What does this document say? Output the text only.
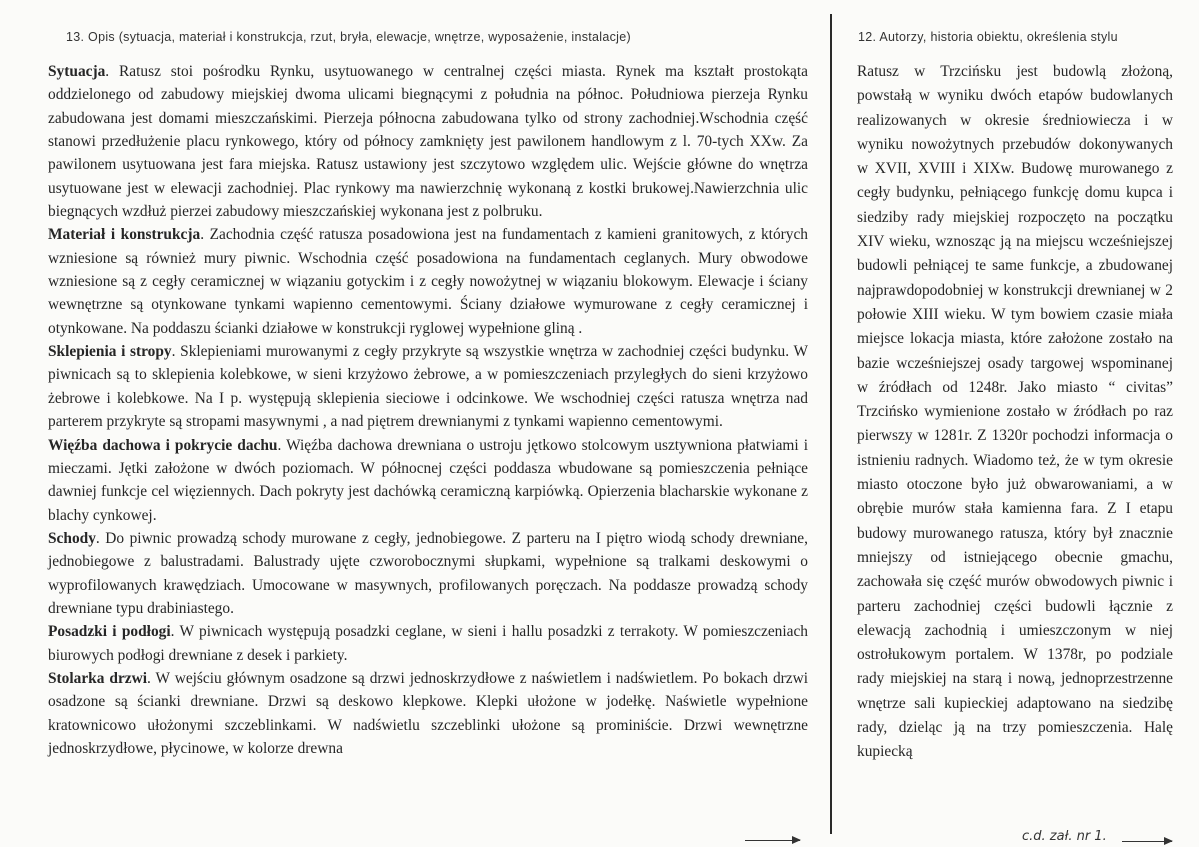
13. Opis (sytuacja, materiał i konstrukcja, rzut, bryła, elewacje, wnętrze, wyposażenie, instalacje)	12. Autorzy, historia obiektu, określenia stylu

Sytuacja. Ratusz stoi pośrodku Rynku, usytuowanego w centralnej części miasta. Rynek ma kształt prostokąta oddzielonego od zabudowy miejskiej dwoma ulicami biegnącymi z południa na północ. Południowa pierzeja Rynku zabudowana jest domami mieszczańskimi. Pierzeja północna zabudowana tylko od strony zachodniej.Wschodnia część stanowi przedłużenie placu rynkowego, który od północy zamknięty jest pawilonem handlowym z l. 70-tych XXw. Za pawilonem usytuowana jest fara miejska. Ratusz ustawiony jest szczytowo względem ulic. Wejście główne do wnętrza usytuowane jest w elewacji zachodniej. Plac rynkowy ma nawierzchnię wykonaną z kostki brukowej.Nawierzchnia ulic biegnących wzdłuż pierzei zabudowy mieszczańskiej wykonana jest z polbruku.

Materiał i konstrukcja. Zachodnia część ratusza posadowiona jest na fundamentach z kamieni granitowych, z których wzniesione są również mury piwnic. Wschodnia część posadowiona na fundamentach ceglanych. Mury obwodowe wzniesione są z cegły ceramicznej w wiązaniu gotyckim i z cegły nowożytnej w wiązaniu blokowym. Elewacje i ściany wewnętrzne są otynkowane tynkami wapienno cementowymi. Ściany działowe wymurowane z cegły ceramicznej i otynkowane. Na poddaszu ścianki działowe w konstrukcji ryglowej wypełnione gliną .

Sklepienia i stropy. Sklepieniami murowanymi z cegły przykryte są wszystkie wnętrza w zachodniej części budynku. W piwnicach są to sklepienia kolebkowe, w sieni krzyżowo żebrowe, a w pomieszczeniach przyległych do sieni krzyżowo żebrowe i kolebkowe. Na I p. występują sklepienia sieciowe i odcinkowe. We wschodniej części ratusza wnętrza nad parterem przykryte są stropami masywnymi , a nad piętrem drewnianymi z tynkami wapienno cementowymi.

Więźba dachowa i pokrycie dachu. Więźba dachowa drewniana o ustroju jętkowo stolcowym usztywniona płatwiami i mieczami. Jętki założone w dwóch poziomach. W północnej części poddasza wbudowane są pomieszczenia pełniące dawniej funkcje cel więziennych. Dach pokryty jest dachówką ceramiczną karpiówką. Opierzenia blacharskie wykonane z blachy cynkowej.

Schody. Do piwnic prowadzą schody murowane z cegły, jednobiegowe. Z parteru na I piętro wiodą schody drewniane, jednobiegowe z balustradami. Balustrady ujęte czworobocznymi słupkami, wypełnione są tralkami deskowymi o wyprofilowanych krawędziach. Umocowane w masywnych, profilowanych poręczach. Na poddasze prowadzą schody drewniane typu drabiniastego.

Posadzki i podłogi. W piwnicach występują posadzki ceglane, w sieni i hallu posadzki z terrakoty. W pomieszczeniach biurowych podłogi drewniane z desek i parkiety.

Stolarka drzwi. W wejściu głównym osadzone są drzwi jednoskrzydłowe z naświetlem i nadświetlem. Po bokach drzwi osadzone są ścianki drewniane. Drzwi są deskowo klepkowe. Klepki ułożone w jodełkę. Naświetle wypełnione kratownicowo ułożonymi szczeblinkami. W nadświetlu szczeblinki ułożone są prominiście. Drzwi wewnętrzne jednoskrzydłowe, płycinowe, w kolorze drewna

Ratusz w Trzcińsku jest budowlą złożoną, powstałą w wyniku dwóch etapów budowlanych realizowanych w okresie średniowiecza i w wyniku nowożytnych przebudów dokonywanych w XVII, XVIII i XIXw. Budowę murowanego z cegły budynku, pełniącego funkcję domu kupca i siedziby rady miejskiej rozpoczęto na początku XIV wieku, wznosząc ją na miejscu wcześniejszej budowli pełniącej te same funkcje, a zbudowanej najprawdopodobniej w konstrukcji drewnianej w 2 połowie XIII wieku. W tym bowiem czasie miała miejsce lokacja miasta, które założone zostało na bazie wcześniejszej osady targowej wspominanej w źródłach od 1248r. Jako miasto “ civitas” Trzcińsko wymienione zostało w źródłach po raz pierwszy w 1281r. Z 1320r pochodzi informacja o istnieniu radnych. Wiadomo też, że w tym okresie miasto otoczone było już obwarowaniami, a w obrębie murów stała kamienna fara. Z I etapu budowy murowanego ratusza, który był znacznie mniejszy od istniejącego obecnie gmachu, zachowała się część murów obwodowych piwnic i parteru zachodniej części budowli łącznie z elewacją zachodnią i umieszczonym w niej ostrołukowym portalem. W 1378r, po podziale rady miejskiej na starą i nową, jednoprzestrzenne wnętrze sali kupieckiej adaptowano na siedzibę rady, dzieląc ją na trzy pomieszczenia. Halę kupiecką

c.d. zał. nr 1.
